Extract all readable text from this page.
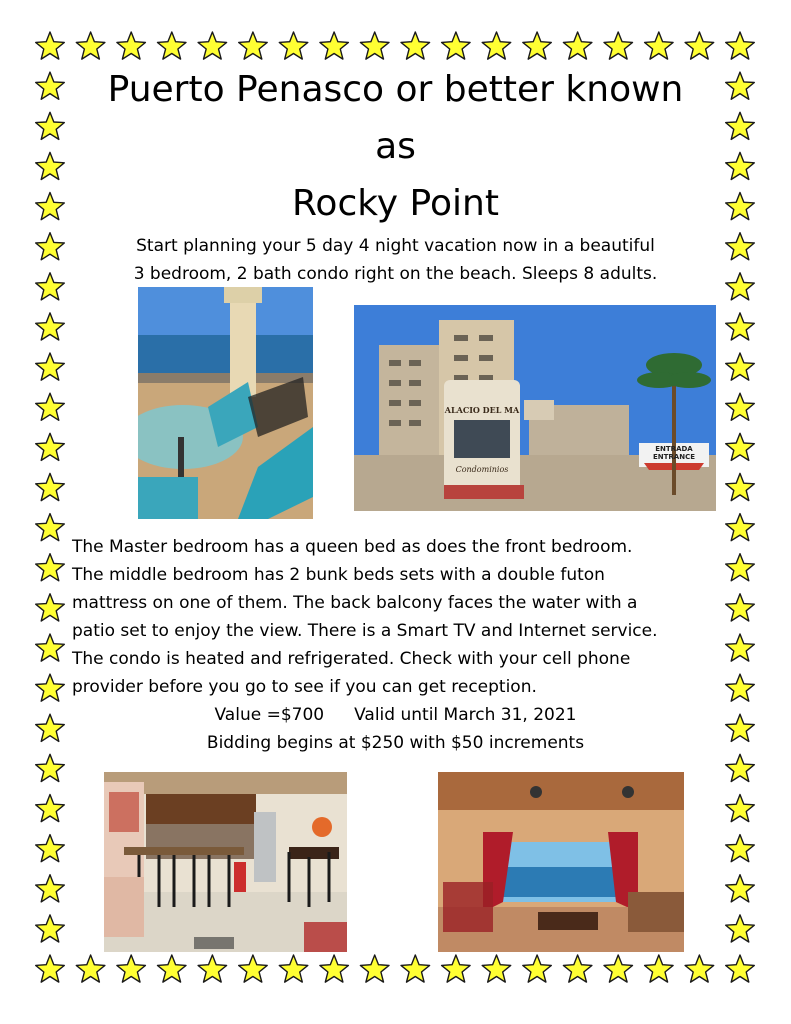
Puerto Penasco or better known
as
Rocky Point
Start planning your 5 day 4 night vacation now in a beautiful
3 bedroom, 2 bath condo right on the beach. Sleeps 8 adults.
ALACIO DEL MA
Condominios
ENTRADA
ENTRANCE
The Master bedroom has a queen bed as does the front bedroom.
The middle bedroom has 2 bunk beds sets with a double futon
mattress on one of them. The back balcony faces the water with a
patio set to enjoy the view. There is a Smart TV and Internet service.
The condo is heated and refrigerated. Check with your cell phone
provider before you go to see if you can get reception.
Value =$700 Valid until March 31, 2021
Bidding begins at $250 with $50 increments
